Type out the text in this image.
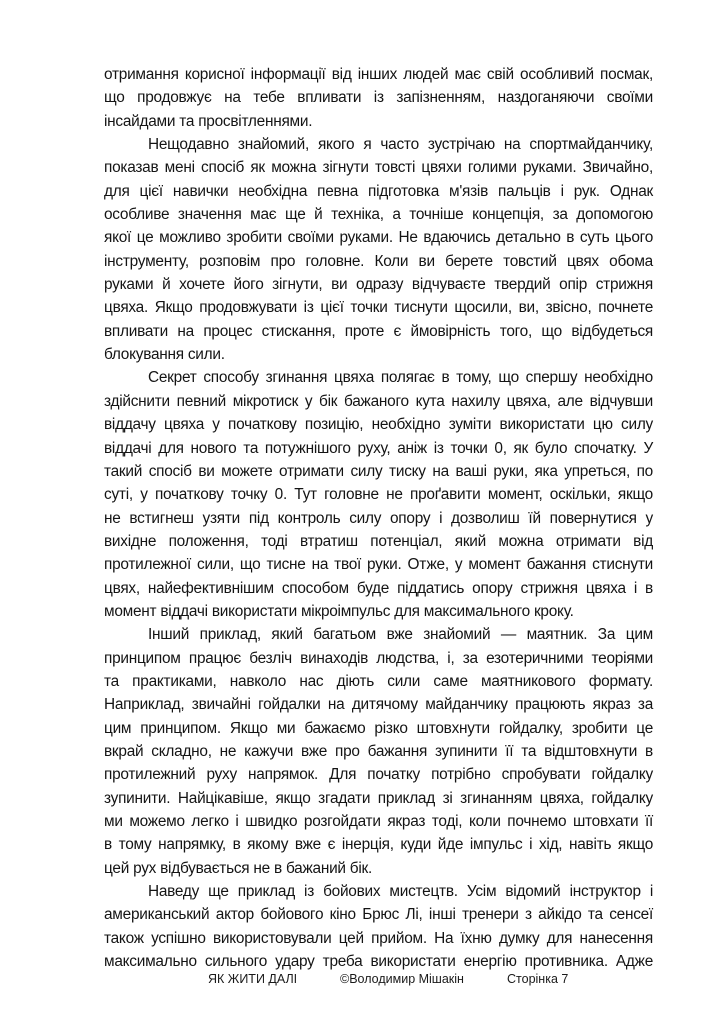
отримання корисної інформації від інших людей має свій особливий посмак,
що продовжує на тебе впливати із запізненням, наздоганяючи своїми
інсайдами та просвітленнями.
Нещодавно знайомий, якого я часто зустрічаю на спортмайданчику,
показав мені спосіб як можна зігнути товсті цвяхи голими руками. Звичайно,
для цієї навички необхідна певна підготовка м'язів пальців і рук. Однак
особливе значення має ще й техніка, а точніше концепція, за допомогою
якої це можливо зробити своїми руками. Не вдаючись детально в суть цього
інструменту, розповім про головне. Коли ви берете товстий цвях обома
руками й хочете його зігнути, ви одразу відчуваєте твердий опір стрижня
цвяха. Якщо продовжувати із цієї точки тиснути щосили, ви, звісно, почнете
впливати на процес стискання, проте є ймовірність того, що відбудеться
блокування сили.
Секрет способу згинання цвяха полягає в тому, що спершу необхідно
здійснити певний мікротиск у бік бажаного кута нахилу цвяха, але відчувши
віддачу цвяха у початкову позицію, необхідно зуміти використати цю силу
віддачі для нового та потужнішого руху, аніж із точки 0, як було спочатку. У
такий спосіб ви можете отримати силу тиску на ваші руки, яка упреться, по
суті, у початкову точку 0. Тут головне не проґавити момент, оскільки, якщо
не встигнеш узяти під контроль силу опору і дозволиш їй повернутися у
вихідне положення, тоді втратиш потенціал, який можна отримати від
протилежної сили, що тисне на твої руки. Отже, у момент бажання стиснути
цвях, найефективнішим способом буде піддатись опору стрижня цвяха і в
момент віддачі використати мікроімпульс для максимального кроку.
Інший приклад, який багатьом вже знайомий — маятник. За цим
принципом працює безліч винаходів людства, і, за езотеричними теоріями
та практиками, навколо нас діють сили саме маятникового формату.
Наприклад, звичайні гойдалки на дитячому майданчику працюють якраз за
цим принципом. Якщо ми бажаємо різко штовхнути гойдалку, зробити це
вкрай складно, не кажучи вже про бажання зупинити її та відштовхнути в
протилежний руху напрямок. Для початку потрібно спробувати гойдалку
зупинити. Найцікавіше, якщо згадати приклад зі згинанням цвяха, гойдалку
ми можемо легко і швидко розгойдати якраз тоді, коли почнемо штовхати її
в тому напрямку, в якому вже є інерція, куди йде імпульс і хід, навіть якщо
цей рух відбувається не в бажаний бік.
Наведу ще приклад із бойових мистецтв. Усім відомий інструктор і
американський актор бойового кіно Брюс Лі, інші тренери з айкідо та сенсеї
також успішно використовували цей прийом. На їхню думку для нанесення
максимально сильного удару треба використати енергію противника. Адже
ЯК ЖИТИ ДАЛІ	©Володимир Мішакін	Сторінка 7
